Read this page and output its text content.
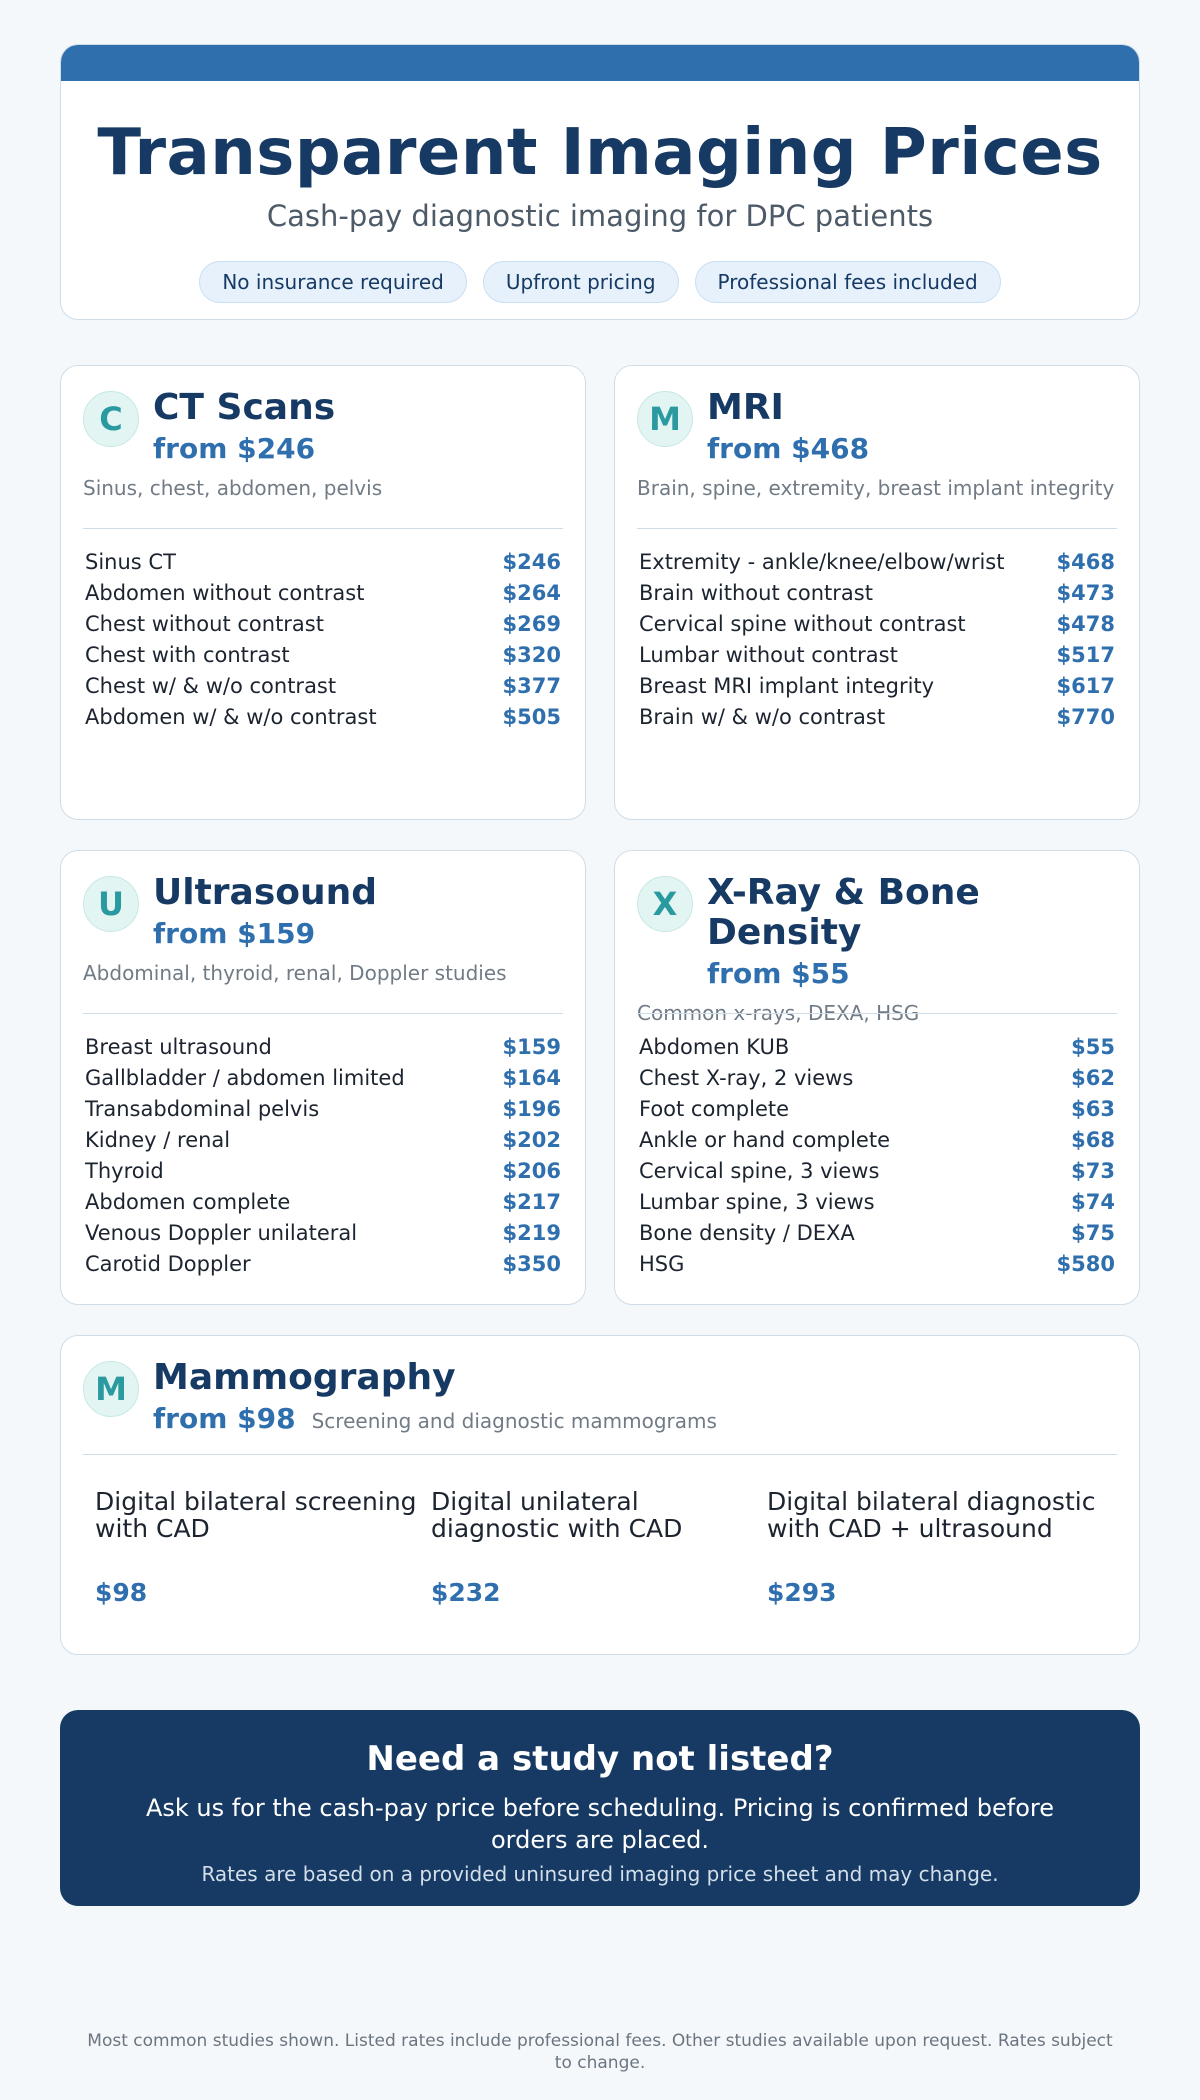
Transparent Imaging Prices
Cash-pay diagnostic imaging for DPC patients
No insurance required	Upfront pricing	Professional fees included
C CT Scans
from $246
Sinus, chest, abdomen, pelvis
Sinus CT	$246
Abdomen without contrast	$264
Chest without contrast	$269
Chest with contrast	$320
Chest w/ & w/o contrast	$377
Abdomen w/ & w/o contrast	$505
M MRI
from $468
Brain, spine, extremity, breast implant integrity
Extremity - ankle/knee/elbow/wrist $468
Brain without contrast	$473
Cervical spine without contrast	$478
Lumbar without contrast	$517
Breast MRI implant integrity	$617
Brain w/ & w/o contrast	$770
U Ultrasound
from $159
Abdominal, thyroid, renal, Doppler studies
Breast ultrasound	$159
Gallbladder / abdomen limited	$164
Transabdominal pelvis	$196
Kidney / renal	$202
Thyroid	$206
Abdomen complete	$217
Venous Doppler unilateral	$219
Carotid Doppler	$350
X X-Ray & Bone Density
from $55
Common x-rays, DEXA, HSG
Abdomen KUB	$55
Chest X-ray, 2 views	$62
Foot complete	$63
Ankle or hand complete	$68
Cervical spine, 3 views	$73
Lumbar spine, 3 views	$74
Bone density / DEXA	$75
HSG	$580
M Mammography
from $98 Screening and diagnostic mammograms
Digital bilateral screening with CAD
$98
Digital unilateral diagnostic with CAD
$232
Digital bilateral diagnostic with CAD + ultrasound
$293
Need a study not listed?
Ask us for the cash-pay price before scheduling. Pricing is confirmed before orders are placed.
Rates are based on a provided uninsured imaging price sheet and may change.
Most common studies shown. Listed rates include professional fees. Other studies available upon request. Rates subject to change.
